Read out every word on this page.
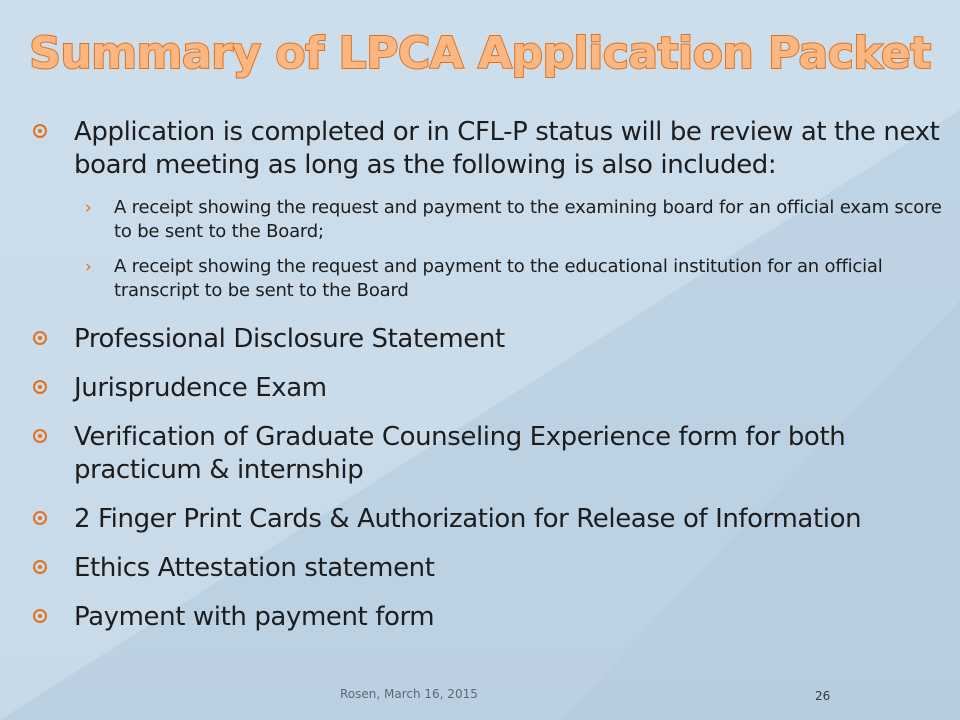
Summary of LPCA Application Packet
Application is completed or in CFL-P status will be review at the next board meeting as long as the following is also included:
› A receipt showing the request and payment to the examining board for an official exam score to be sent to the Board;
› A receipt showing the request and payment to the educational institution for an official transcript to be sent to the Board
Professional Disclosure Statement
Jurisprudence Exam
Verification of Graduate Counseling Experience form for both practicum & internship
2 Finger Print Cards & Authorization for Release of Information
Ethics Attestation statement
Payment with payment form
Rosen, March 16, 2015	26
